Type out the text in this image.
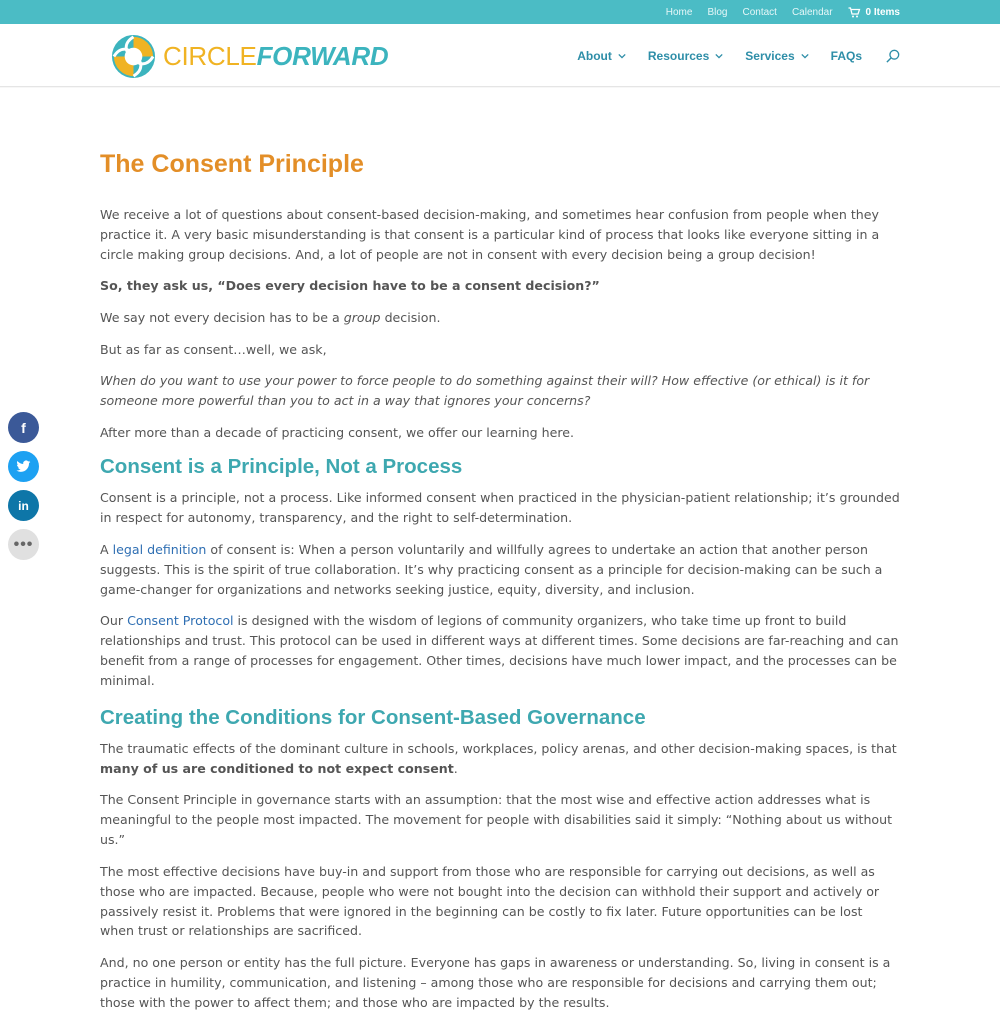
Home Blog Contact Calendar	0 Items
CIRCLEFORWARD	About	Resources	Services	FAQs
The Consent Principle

We receive a lot of questions about consent-based decision-making, and sometimes hear confusion from people when they practice it. A very basic misunderstanding is that consent is a particular kind of process that looks like everyone sitting in a circle making group decisions. And, a lot of people are not in consent with every decision being a group decision!

So, they ask us, “Does every decision have to be a consent decision?”

We say not every decision has to be a group decision.

But as far as consent…well, we ask,

When do you want to use your power to force people to do something against their will? How effective (or ethical) is it for someone more powerful than you to act in a way that ignores your concerns?

After more than a decade of practicing consent, we offer our learning here.

Consent is a Principle, Not a Process

Consent is a principle, not a process. Like informed consent when practiced in the physician-patient relationship; it’s grounded in respect for autonomy, transparency, and the right to self-determination.

A legal definition of consent is: When a person voluntarily and willfully agrees to undertake an action that another person suggests. This is the spirit of true collaboration. It’s why practicing consent as a principle for decision-making can be such a game-changer for organizations and networks seeking justice, equity, diversity, and inclusion.

Our Consent Protocol is designed with the wisdom of legions of community organizers, who take time up front to build relationships and trust. This protocol can be used in different ways at different times. Some decisions are far-reaching and can benefit from a range of processes for engagement. Other times, decisions have much lower impact, and the processes can be minimal.

Creating the Conditions for Consent-Based Governance

The traumatic effects of the dominant culture in schools, workplaces, policy arenas, and other decision-making spaces, is that many of us are conditioned to not expect consent.

The Consent Principle in governance starts with an assumption: that the most wise and effective action addresses what is meaningful to the people most impacted. The movement for people with disabilities said it simply: “Nothing about us without us.”

The most effective decisions have buy-in and support from those who are responsible for carrying out decisions, as well as those who are impacted. Because, people who were not bought into the decision can withhold their support and actively or passively resist it. Problems that were ignored in the beginning can be costly to fix later. Future opportunities can be lost when trust or relationships are sacrificed.

And, no one person or entity has the full picture. Everyone has gaps in awareness or understanding. So, living in consent is a practice in humility, communication, and listening – among those who are responsible for decisions and carrying them out; those with the power to affect them; and those who are impacted by the results.

f
in
•••
